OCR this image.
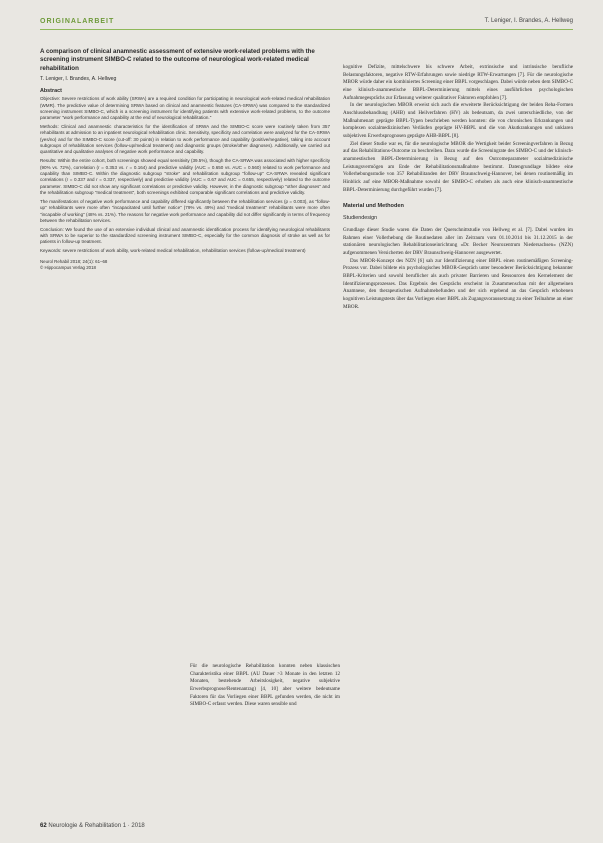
ORIGINALARBEIT	T. Leniger, I. Brandes, A. Hellweg
A comparison of clinical anamnestic assessment of extensive work-related problems with the screening instrument SIMBO-C related to the outcome of neurological work-related medical rehabilitation
T. Leniger, I. Brandes, A. Hellweg
Abstract

Objective: Severe restrictions of work ability (SRWA) are a required condition for participating in neurological work-related medical rehabilitation (WMR). The predictive value of determining SRWA based on clinical and anamnestic features (CA-SRWA) was compared to the standardized screening instrument SIMBO-C, which is a screening instrument for identifying patients with extensive work-related problems, to the outcome parameter "work performance and capability at the end of neurological rehabilitation."

Methods: Clinical and anamnestic characteristics for the identification of SRWA and the SIMBO-C score were routinely taken from 357 rehabilitants at admission to an inpatient neurological rehabilitation clinic. Sensitivity, specificity and correlation were analyzed for the CA-SRWA (yes/no) and for the SIMBO-C score (cut-off: 30 points) in relation to work performance and capability (positive/negative), taking into account subgroups of rehabilitation services (follow-up/medical treatment) and diagnostic groups (stroke/other diagnoses). Additionally, we carried out quantitative and qualitative analyses of negative work performance and capability.

Results: Within the entire cohort, both screenings showed equal sensitivity (39.5%), though the CA-SRWA was associated with higher specificity (90% vs. 72%), correlation (r = 0.353 vs. r = 0.164) and predictive validity (AUC = 0.650 vs. AUC = 0.560) related to work performance and capability than SIMBO-C. Within the diagnostic subgroup "stroke" and rehabilitation subgroup "follow-up" CA-SRWA revealed significant correlations (r = 0.337 and r = 0.337, respectively) and predictive validity (AUC = 0.67 and AUC = 0.655, respectively) related to the outcome parameter. SIMBO-C did not show any significant correlations or predictive validity. However, in the diagnostic subgroup "other diagnoses" and the rehabilitation subgroup "medical treatment", both screenings exhibited comparable significant correlations and predictive validity.

The manifestations of negative work performance and capability differed significantly between the rehabilitation services (p = 0.003), as "follow-up" rehabilitants were more often "incapacitated until further notice" (79% vs. 49%) and "medical treatment" rehabilitants were more often "incapable of working" (48% vs. 21%). The reasons for negative work performance and capability did not differ significantly in terms of frequency between the rehabilitation services.

Conclusion: We found the use of an extensive individual clinical and anamnestic identification process for identifying neurological rehabilitants with SRWA to be superior to the standardized screening instrument SIMBO-C, especially for the common diagnosis of stroke as well as for patients in follow-up treatment.

Keywords: severe restrictions of work ability, work-related medical rehabilitation, rehabilitation services (follow-up/medical treatment)

Neurol Rehabil 2018; 24(1): 61–68

© Hippocampus Verlag 2018

Für die neurologische Rehabilitation konnten neben klassischen Charakteristika einer BBPL (AU Dauer >3 Monate in den letzten 12 Monaten, bestehende Arbeitslosigkeit, negative subjektive Erwerbsprognose/Rentenantrag) [4, 10] aber weitere bedeutsame Faktoren für das Vorliegen einer BBPL gefunden werden, die nicht im SIMBO-C erfasst werden. Diese waren sensible und

kognitive Defizite, mittelschwere bis schwere Arbeit, extrinsische und intrinsische berufliche Belastungsfaktoren, negative RTW-Erfahrungen sowie niedrige RTW-Erwartungen [7]. Für die neurologische MBOR würde daher ein kombiniertes Screening einer BBPL vorgeschlagen. Dabei würde neben dem SIMBO-C eine klinisch-anamnestische BBPL-Determinierung mittels eines ausführlichen psychologischen Aufnahmegesprächs zur Erfassung weiterer qualitativer Faktoren empfohlen [7].

In der neurologischen MBOR erweist sich auch die erweiterte Berücksichtigung der beiden Reha-Formen Anschlussbehandlung (AHB) und Heilverfahren (HV) als bedeutsam, da zwei unterschiedliche, von der Maßnahmenart geprägte BBPL-Typen beschrieben werden konnten: die von chronischen Erkrankungen und komplexen sozialmedizinischen Verläufen geprägte HV-BBPL und die von Akutkrankungen und unklaren subjektiven Erwerbsprognosen geprägte AHB-BBPL [8].

Ziel dieser Studie war es, für die neurologische MBOR die Wertigkeit beider Screeningverfahren in Bezug auf das Rehabilitations-Outcome zu beschreiben. Dazu wurde die Screeningrate des SIMBO-C und der klinisch-anamnestischen BBPL-Determinierung in Bezug auf den Outcomeparameter sozialmedizinische Leistungsvermögen am Ende der Rehabilitationsmaßnahme bestimmt. Datengrundlage bildete eine Vollerhebungsstudie von 357 Rehabilitanden der DRV Braunschweig-Hannover, bei denen routinemäßig im Hinblick auf eine MBOR-Maßnahme sowohl der SIMBO-C erhoben als auch eine klinisch-anamnestische BBPL-Determinierung durchgeführt wurden [7].

Material und Methoden
Studiendesign

Grundlage dieser Studie waren die Daten der Querschnittstudie von Hellweg et al. [7]. Dabei wurden im Rahmen einer Vollerhebung die Routinedaten aller im Zeitraum vom 01.10.2014 bis 31.12.2015 in der stationären neurologischen Rehabilitationseinrichtung »Dr. Becker Neurozentrum Niedersachsen« (NZN) aufgenommenen Versicherten der DRV Braunschweig-Hannover ausgewertet.

Das MBOR-Konzept des NZN [6] sah zur Identifizierung einer BBPL einen routinemäßigen Screening-Prozess vor. Dabei bildete ein psychologisches MBOR-Gespräch unter besonderer Berücksichtigung bekannter BBPL-Kriterien und sowohl beruflicher als auch privater Barrieren und Ressourcen den Kernelement der Identifizierungsprozesses. Das Ergebnis des Gesprächs erscheint in Zusammenschau mit der allgemeinen Anamnese, den therapeutischen Aufnahmebefunden und der sich ergebend an das Gespräch erhobenen kognitiven Leistungstests über das Vorliegen einer BBPL als Zugangsvoraussetzung zu einer Teilnahme an einer MBOR.

62 Neurologie & Rehabilitation 1 · 2018
